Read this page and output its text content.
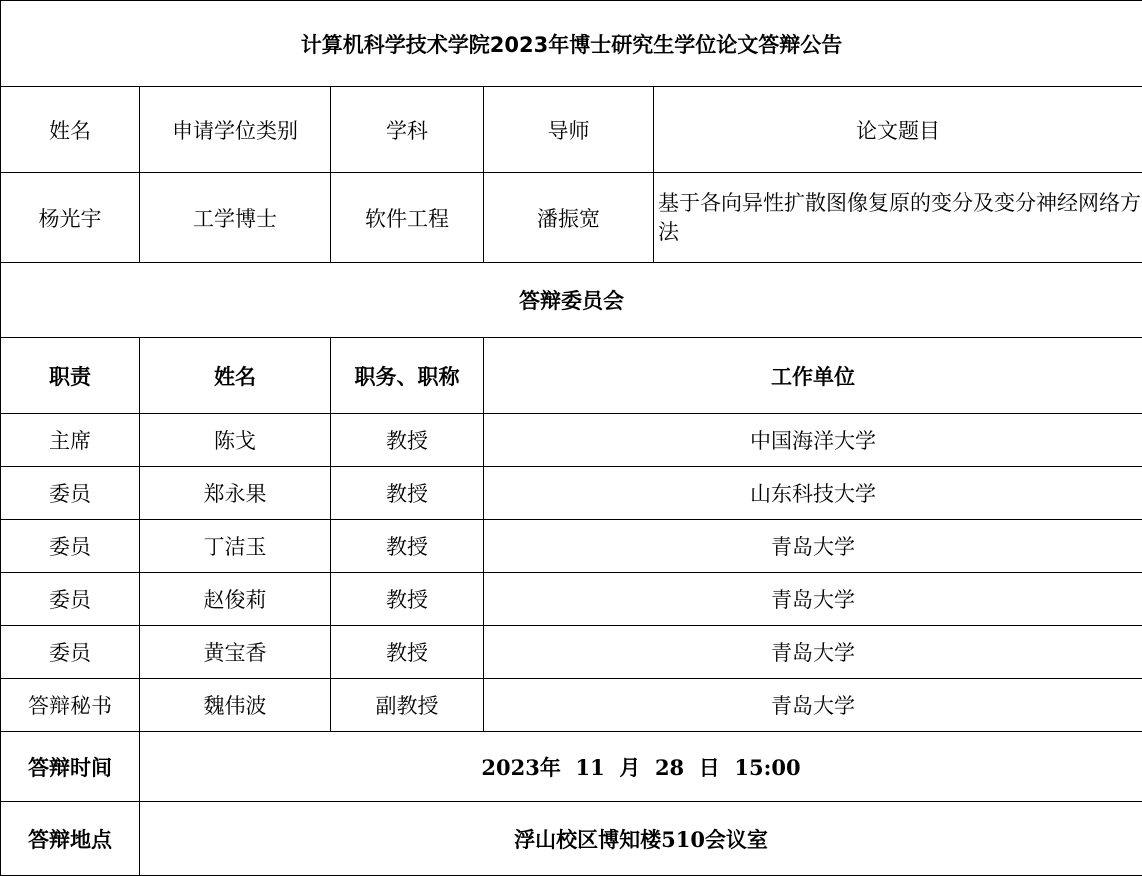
计算机科学技术学院2023年博士研究生学位论文答辩公告				
姓名	申请学位类别	学科	导师	论文题目
杨光宇	工学博士	软件工程	潘振宽	基于各向异性扩散图像复原的变分及变分神经网络方法
答辩委员会				
职责	姓名	职务、职称	工作单位	
主席	陈戈	教授	中国海洋大学	
委员	郑永果	教授	山东科技大学	
委员	丁洁玉	教授	青岛大学	
委员	赵俊莉	教授	青岛大学	
委员	黄宝香	教授	青岛大学	
答辩秘书	魏伟波	副教授	青岛大学	
答辩时间	2023年  11  月  28  日  15:00			
答辩地点	浮山校区博知楼510会议室			
